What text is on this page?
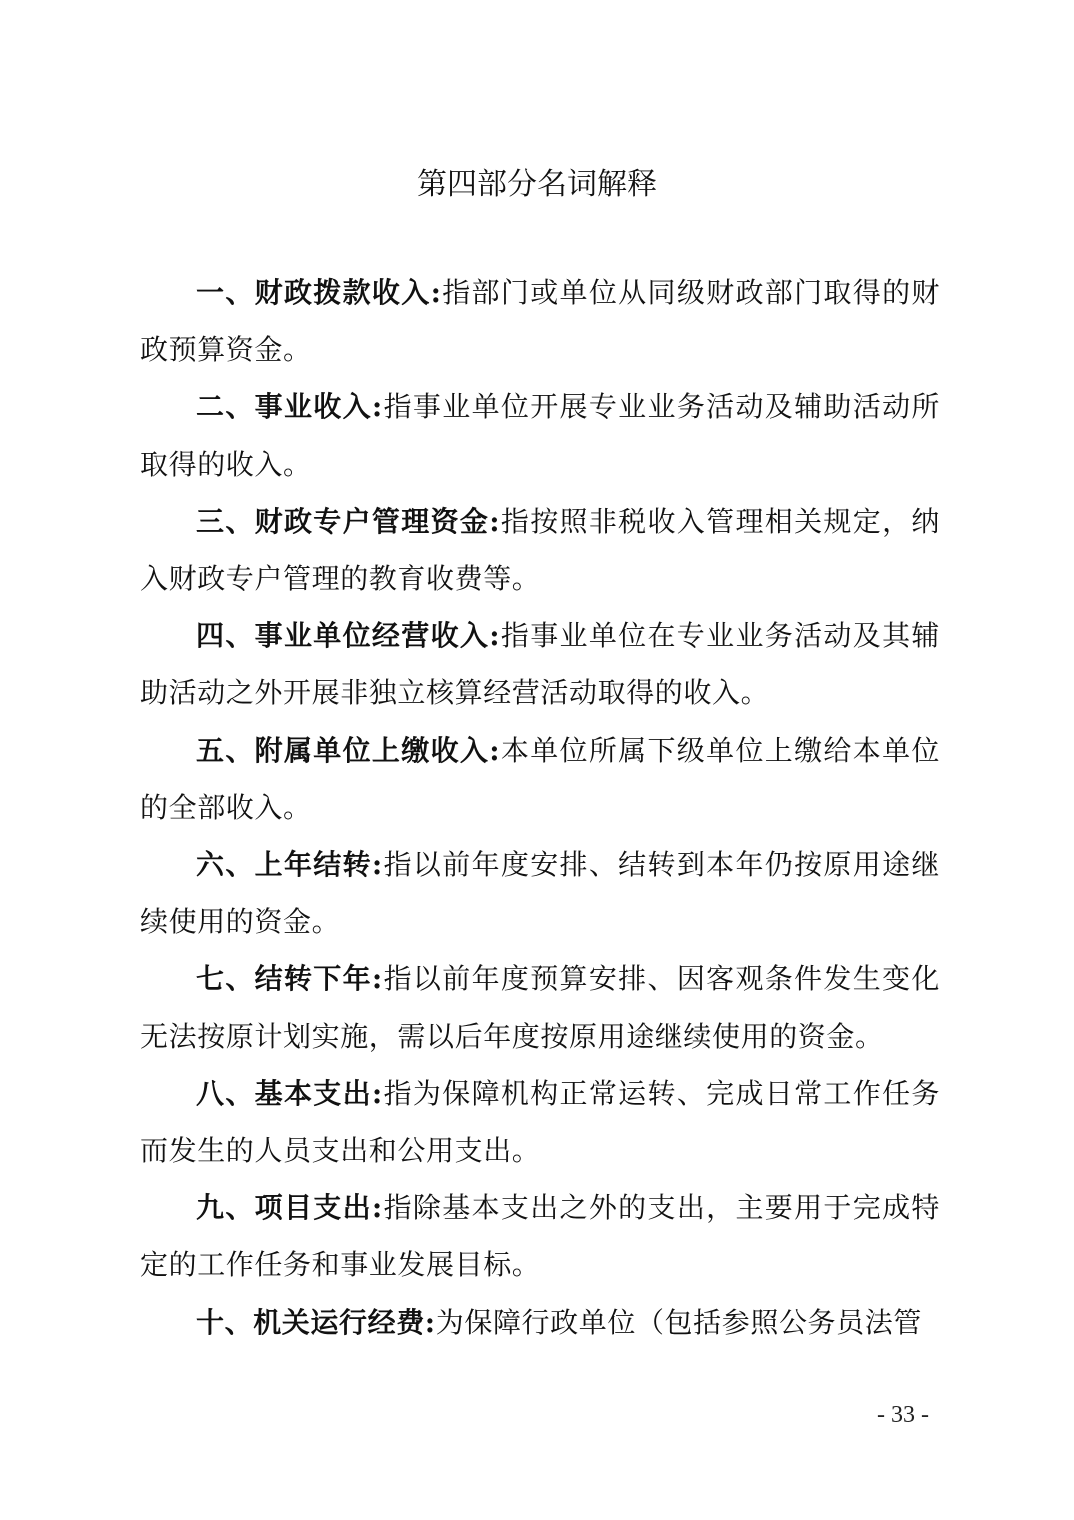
第四部分名词解释

一、财政拨款收入:指部门或单位从同级财政部门取得的财政预算资金。

二、事业收入:指事业单位开展专业业务活动及辅助活动所取得的收入。

三、财政专户管理资金:指按照非税收入管理相关规定，纳入财政专户管理的教育收费等。

四、事业单位经营收入:指事业单位在专业业务活动及其辅助活动之外开展非独立核算经营活动取得的收入。

五、附属单位上缴收入:本单位所属下级单位上缴给本单位的全部收入。

六、上年结转:指以前年度安排、结转到本年仍按原用途继续使用的资金。

七、结转下年:指以前年度预算安排、因客观条件发生变化无法按原计划实施，需以后年度按原用途继续使用的资金。

八、基本支出:指为保障机构正常运转、完成日常工作任务而发生的人员支出和公用支出。

九、项目支出:指除基本支出之外的支出，主要用于完成特定的工作任务和事业发展目标。

十、机关运行经费:为保障行政单位（包括参照公务员法管

- 33 -
